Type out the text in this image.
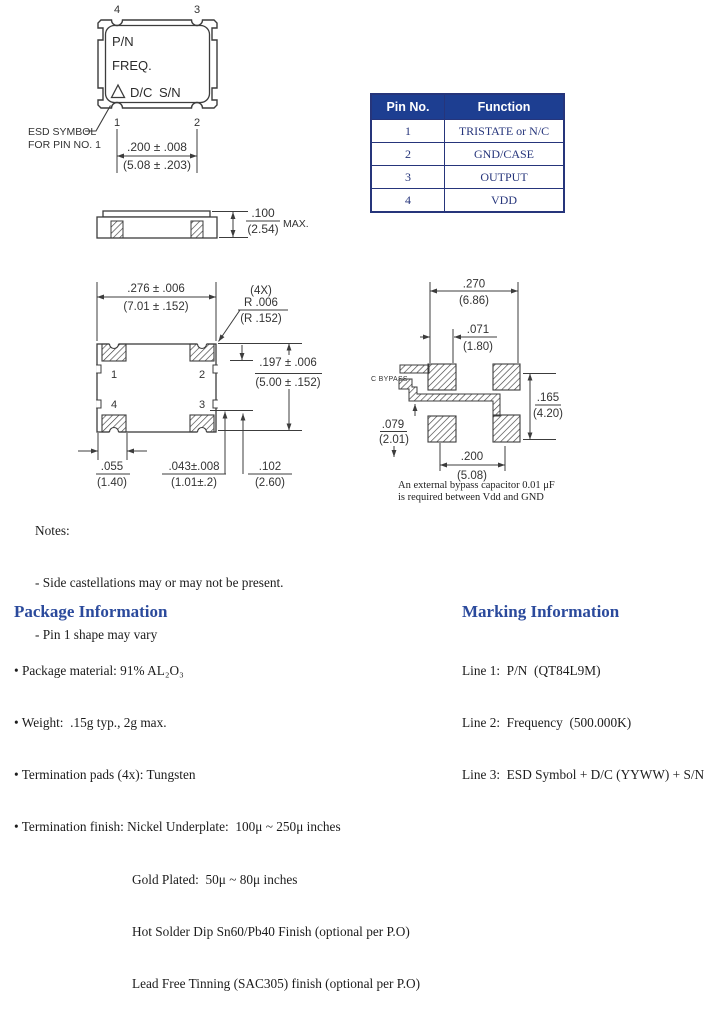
P/N
FREQ.
D/C S/N
4	3
1	2
ESD SYMBOL
FOR PIN NO. 1 .200 ± .008
(5.08 ± .203)
Pin No.	Function
1	TRISTATE or N/C
2	GND/CASE
3	OUTPUT
4	VDD
.100
(2.54) MAX.
1	2
4	3
.276 ± .006
(7.01 ± .152)
(4X)
R .006
(R .152)
.197 ± .006
(5.00 ± .152)
.055
(1.40)
.043±.008
(1.01±.2)
.102
(2.60)
C BYPASS
.270
(6.86)
.071
(1.80)
.165
(4.20)
.079
(2.01)
.200
(5.08)
An external bypass capacitor 0.01 μF
is required between Vdd and GND

Notes:

- Side castellations may or may not be present.

- Pin 1 shape may vary

Package Information

• Package material: 91% AL₂O₃

• Weight:  .15g typ., 2g max.

• Termination pads (4x): Tungsten

• Termination finish: Nickel Underplate:  100μ ~ 250μ inches

Gold Plated:  50μ ~ 80μ inches

Hot Solder Dip Sn60/Pb40 Finish (optional per P.O)

Lead Free Tinning (SAC305) finish (optional per P.O)

Marking Information

Line 1:  P/N  (QT84L9M)

Line 2:  Frequency  (500.000K)

Line 3:  ESD Symbol + D/C (YYWW) + S/N
